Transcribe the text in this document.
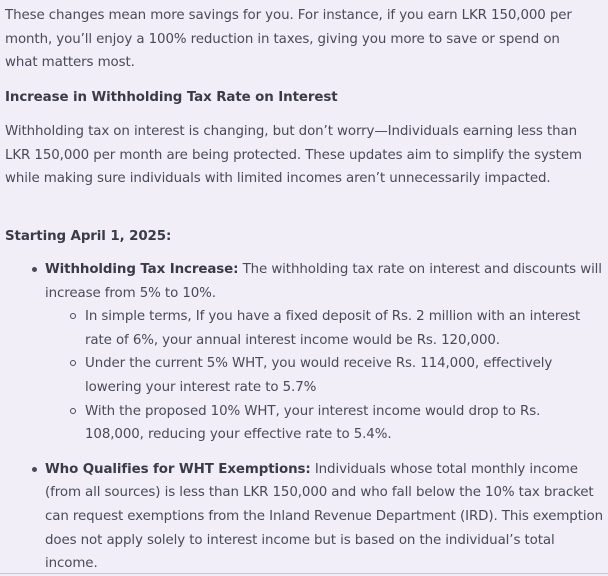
These changes mean more savings for you. For instance, if you earn LKR 150,000 per month, you’ll enjoy a 100% reduction in taxes, giving you more to save or spend on what matters most.

Increase in Withholding Tax Rate on Interest

Withholding tax on interest is changing, but don’t worry—Individuals earning less than LKR 150,000 per month are being protected. These updates aim to simplify the system while making sure individuals with limited incomes aren’t unnecessarily impacted.

Starting April 1, 2025:

Withholding Tax Increase: The withholding tax rate on interest and discounts will increase from 5% to 10%.
In simple terms, If you have a fixed deposit of Rs. 2 million with an interest rate of 6%, your annual interest income would be Rs. 120,000.
Under the current 5% WHT, you would receive Rs. 114,000, effectively lowering your interest rate to 5.7%
With the proposed 10% WHT, your interest income would drop to Rs. 108,000, reducing your effective rate to 5.4%.
Who Qualifies for WHT Exemptions: Individuals whose total monthly income (from all sources) is less than LKR 150,000 and who fall below the 10% tax bracket can request exemptions from the Inland Revenue Department (IRD). This exemption does not apply solely to interest income but is based on the individual’s total income.
